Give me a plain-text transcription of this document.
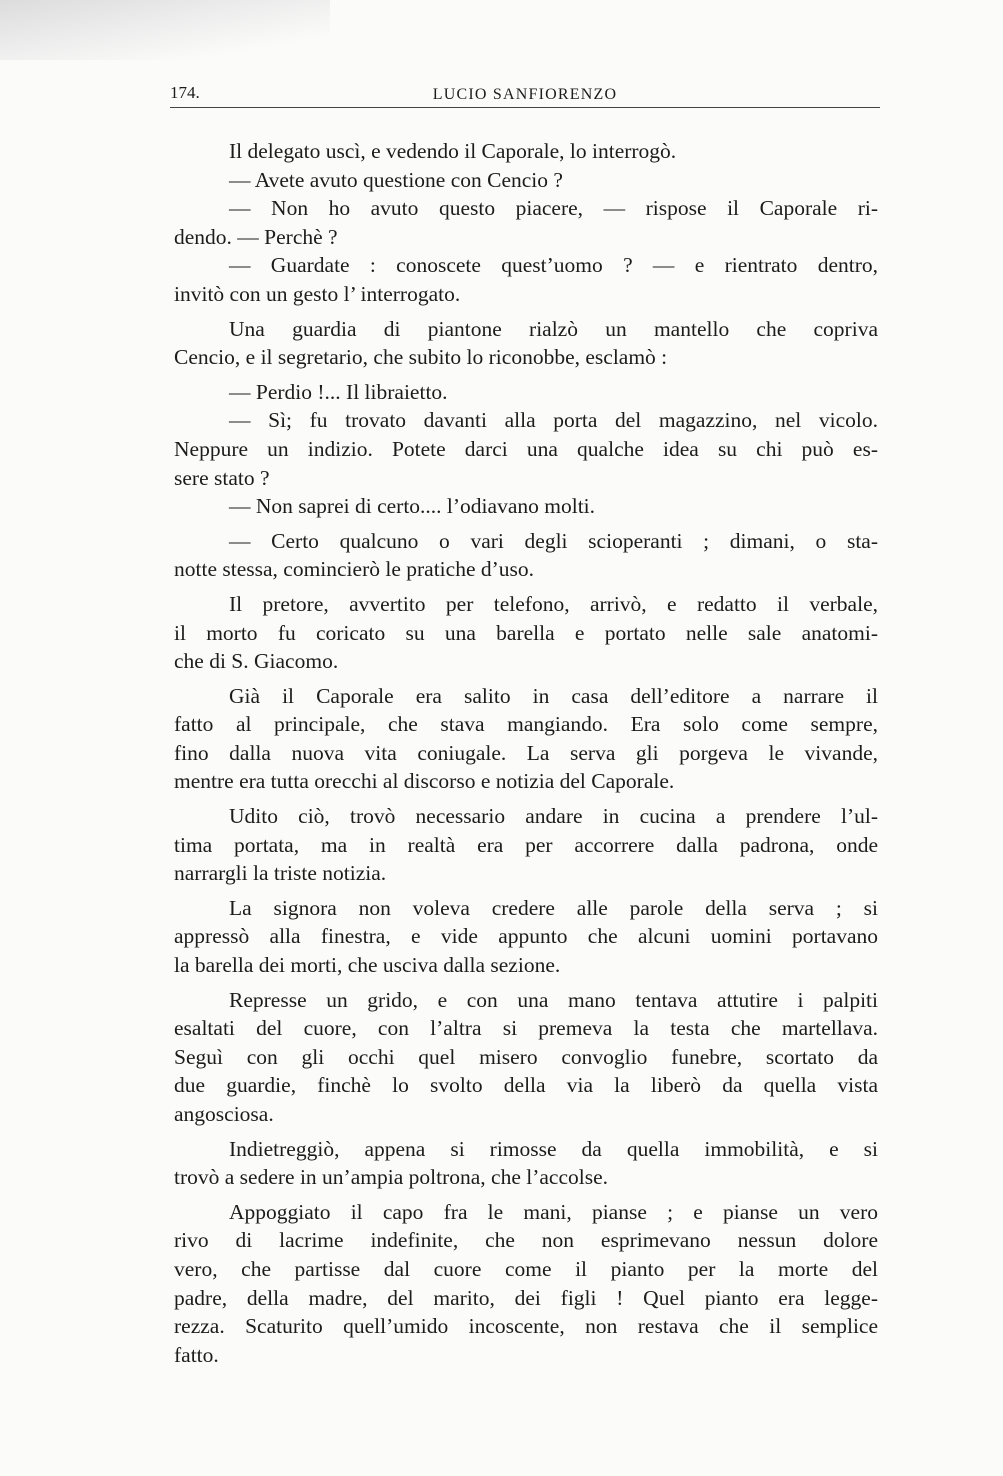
174.	LUCIO SANFIORENZO
Il delegato uscì, e vedendo il Caporale, lo interrogò.
— Avete avuto questione con Cencio ?
— Non ho avuto questo piacere, — rispose il Caporale ri-
dendo. — Perchè ?
— Guardate : conoscete quest’uomo ? — e rientrato dentro,
invitò con un gesto l’ interrogato.
Una guardia di piantone rialzò un mantello che copriva
Cencio, e il segretario, che subito lo riconobbe, esclamò :
— Perdio !... Il libraietto.
— Sì; fu trovato davanti alla porta del magazzino, nel vicolo.
Neppure un indizio. Potete darci una qualche idea su chi può es-
sere stato ?
— Non saprei di certo.... l’odiavano molti.
— Certo qualcuno o vari degli scioperanti ; dimani, o sta-
notte stessa, comincierò le pratiche d’uso.
Il pretore, avvertito per telefono, arrivò, e redatto il verbale,
il morto fu coricato su una barella e portato nelle sale anatomi-
che di S. Giacomo.
Già il Caporale era salito in casa dell’editore a narrare il
fatto al principale, che stava mangiando. Era solo come sempre,
fino dalla nuova vita coniugale. La serva gli porgeva le vivande,
mentre era tutta orecchi al discorso e notizia del Caporale.
Udito ciò, trovò necessario andare in cucina a prendere l’ul-
tima portata, ma in realtà era per accorrere dalla padrona, onde
narrargli la triste notizia.
La signora non voleva credere alle parole della serva ; si
appressò alla finestra, e vide appunto che alcuni uomini portavano
la barella dei morti, che usciva dalla sezione.
Represse un grido, e con una mano tentava attutire i palpiti
esaltati del cuore, con l’altra si premeva la testa che martellava.
Seguì con gli occhi quel misero convoglio funebre, scortato da
due guardie, finchè lo svolto della via la liberò da quella vista
angosciosa.
Indietreggiò, appena si rimosse da quella immobilità, e si
trovò a sedere in un’ampia poltrona, che l’accolse.
Appoggiato il capo fra le mani, pianse ; e pianse un vero
rivo di lacrime indefinite, che non esprimevano nessun dolore
vero, che partisse dal cuore come il pianto per la morte del
padre, della madre, del marito, dei figli ! Quel pianto era legge-
rezza. Scaturito quell’umido incoscente, non restava che il semplice
fatto.
